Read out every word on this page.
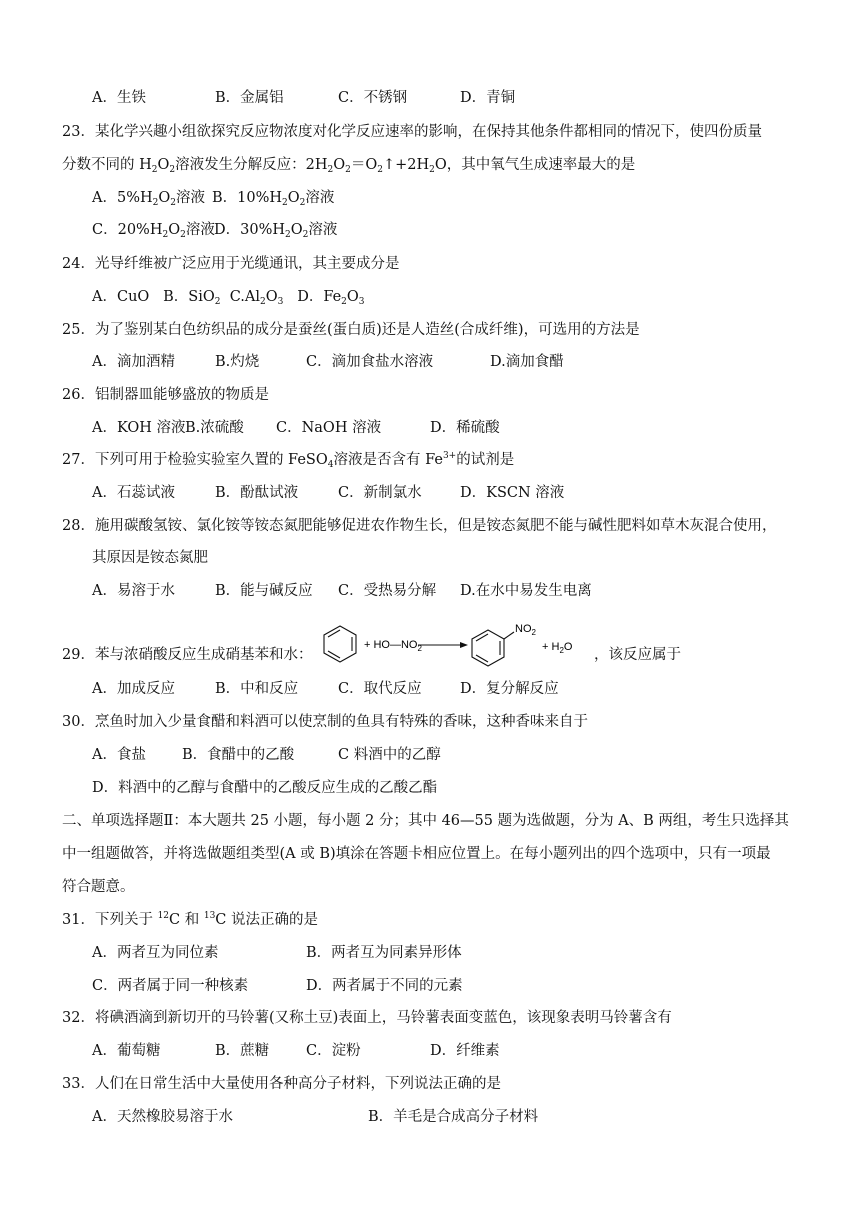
A．生铁	B．金属铝	C．不锈钢	D．青铜
23．某化学兴趣小组欲探究反应物浓度对化学反应速率的影响，在保持其他条件都相同的情况下，使四份质量
分数不同的 $H_2O_2$溶液发生分解反应：$2H_2O_2=O_2↑+2H_2O$，其中氧气生成速率最大的是
A．$5\%H_2O_2$溶液 B．$10\%H_2O_2$溶液
C．$20\%H_2O_2$溶液 D．$30\%H_2O_2$溶液
24．光导纤维被广泛应用于光缆通讯，其主要成分是
A．CuO B．SiO$_2$ $C.Al_2O_3$ D．$Fe_2O_3$
25．为了鉴别某白色纺织品的成分是蚕丝(蛋白质)还是人造丝(合成纤维)，可选用的方法是
A．滴加酒精	B.灼烧	C．滴加食盐水溶液	D.滴加食醋
26．铝制器皿能够盛放的物质是
A．KOH 溶液 B.浓硫酸 C．NaOH 溶液	D．稀硫酸
27．下列可用于检验实验室久置的 FeSO$_4$溶液是否含有 $Fe^{3+}$的试剂是
A．石蕊试液	B．酚酞试液	C．新制氯水	D．KSCN 溶液
28．施用碳酸氢铵、氯化铵等铵态氮肥能够促进农作物生长，但是铵态氮肥不能与碱性肥料如草木灰混合使用，
其原因是铵态氮肥
A．易溶于水	B．能与碱反应 C．受热易分解 D.在水中易发生电离
29．苯与浓硝酸反应生成硝基苯和水：
+ $HO—NO_2$
$NO_2$
+ $H_2O$ ，该反应属于
A．加成反应	B．中和反应	C．取代反应	D．复分解反应
30．烹鱼时加入少量食醋和料酒可以使烹制的鱼具有特殊的香味，这种香味来自于
A．食盐 B．食醋中的乙酸	C 料酒中的乙醇
D．料酒中的乙醇与食醋中的乙酸反应生成的乙酸乙酯
二、单项选择题Ⅱ：本大题共 25 小题，每小题 2 分；其中 46—55 题为选做题，分为 A、B 两组，考生只选择其
中一组题做答，并将选做题组类型(A 或 B)填涂在答题卡相应位置上。在每小题列出的四个选项中，只有一项最
符合题意。
31．下列关于 $^{12}$C 和 $^{13}$C 说法正确的是
A．两者互为同位素	B．两者互为同素异形体
C．两者属于同一种核素	D．两者属于不同的元素
32．将碘酒滴到新切开的马铃薯(又称土豆)表面上，马铃薯表面变蓝色，该现象表明马铃薯含有
A．葡萄糖	B．蔗糖	C．淀粉	D．纤维素
33．人们在日常生活中大量使用各种高分子材料，下列说法正确的是
A．天然橡胶易溶于水	B．羊毛是合成高分子材料
